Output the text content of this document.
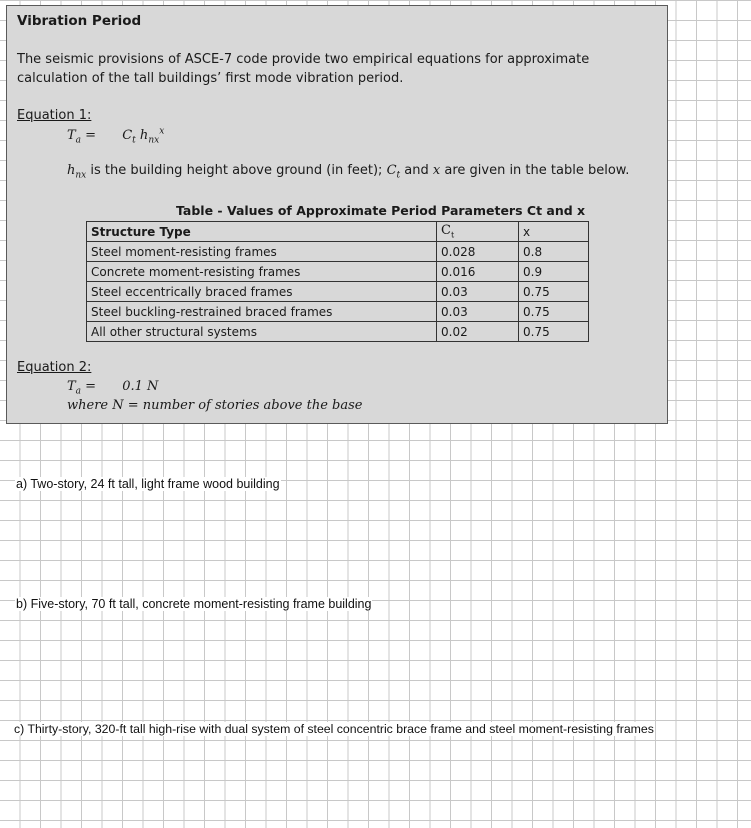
Vibration Period
The seismic provisions of ASCE-7 code provide two empirical equations for approximate calculation of the tall buildings’ first mode vibration period.
Equation 1:
$T_a = C_t$ $h_{nx}^x$
$h_{nx}$ is the building height above ground (in feet); $C_t$ and x are given in the table below.
Table - Values of Approximate Period Parameters Ct and x
Structure Type	$C_t$	x
Steel moment-resisting frames	0.028	0.8
Concrete moment-resisting frames	0.016	0.9
Steel eccentrically braced frames	0.03	0.75
Steel buckling-restrained braced frames	0.03	0.75
All other structural systems	0.02	0.75
Equation 2:
$T_a = 0.1$ N
where N = number of stories above the base
a) Two-story, 24 ft tall, light frame wood building
b) Five-story, 70 ft tall, concrete moment-resisting frame building
c) Thirty-story, 320-ft tall high-rise with dual system of steel concentric brace frame and steel moment-resisting frames
